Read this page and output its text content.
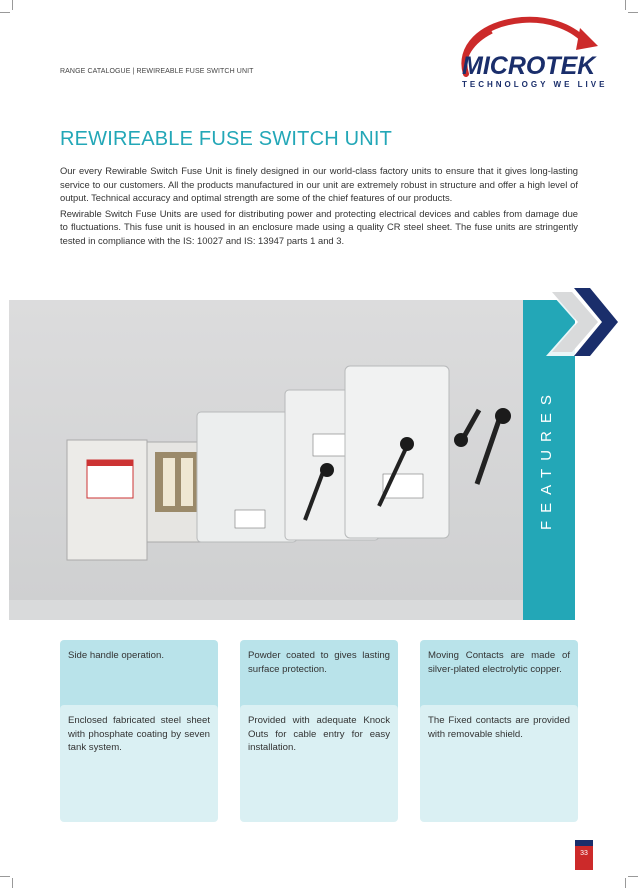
RANGE CATALOGUE | REWIREABLE FUSE SWITCH UNIT	MICROTEK
TECHNOLOGY WE LIVE
REWIREABLE FUSE SWITCH UNIT

Our every Rewirable Switch Fuse Unit is finely designed in our world-class factory units to ensure that it gives long-lasting service to our customers. All the products manufactured in our unit are extremely robust in structure and offer a high level of output. Technical accuracy and optimal strength are some of the chief features of our products.

Rewirable Switch Fuse Units are used for distributing power and protecting electrical devices and cables from damage due to fluctuations. This fuse unit is housed in an enclosure made using a quality CR steel sheet. The fuse units are stringently tested in compliance with the IS: 10027 and IS: 13947 parts 1 and 3.

FEATURES
Side handle operation.	Powder coated to gives lasting surface protection.
Moving Contacts are made of silver-plated electrolytic copper.
Enclosed fabricated steel sheet with phosphate coating by seven tank system.
Provided with adequate Knock Outs for cable entry for easy installation.
The Fixed contacts are provided with removable shield.
33
